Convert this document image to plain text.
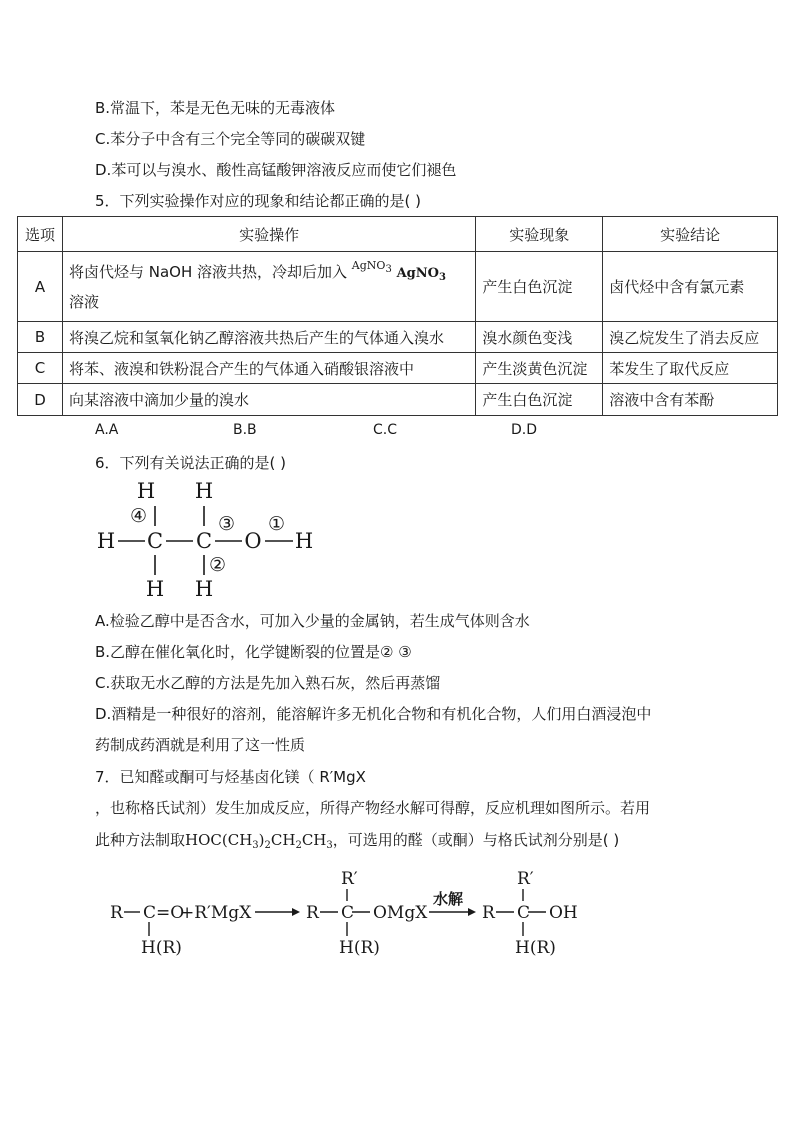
B.常温下，苯是无色无味的无毒液体
C.苯分子中含有三个完全等同的碳碳双键
D.苯可以与溴水、酸性高锰酸钾溶液反应而使它们褪色
5．下列实验操作对应的现象和结论都正确的是( )
选项	实验操作	实验现象	实验结论
A	将卤代烃与 NaOH 溶液共热，冷却后加入 $^{AgNO3}$ AgNO$_3$
溶液	产生白色沉淀	卤代烃中含有氯元素
B	将溴乙烷和氢氧化钠乙醇溶液共热后产生的气体通入溴水	溴水颜色变浅	溴乙烷发生了消去反应
C	将苯、液溴和铁粉混合产生的气体通入硝酸银溶液中	产生淡黄色沉淀	苯发生了取代反应
D	向某溶液中滴加少量的溴水	产生白色沉淀	溶液中含有苯酚
A.A	B.B	C.C	D.D
6．下列有关说法正确的是( )
H H
H C C O H
H H
④	③ ①
②
A.检验乙醇中是否含水，可加入少量的金属钠，若生成气体则含水
B.乙醇在催化氧化时，化学键断裂的位置是② ③
C.获取无水乙醇的方法是先加入熟石灰，然后再蒸馏
D.酒精是一种很好的溶剂，能溶解许多无机化合物和有机化合物，人们用白酒浸泡中
药制成药酒就是利用了这一性质
7．已知醛或酮可与烃基卤化镁（ R′MgX
，也称格氏试剂）发生加成反应，所得产物经水解可得醇，反应机理如图所示。若用
此种方法制取$HOC(CH_3)_2CH_2CH_3$，可选用的醛（或酮）与格氏试剂分别是( )
R C =O
+R′MgX
H(R)
R′
R C OMgX
H(R)
水解
R′
R C OH
H(R)
